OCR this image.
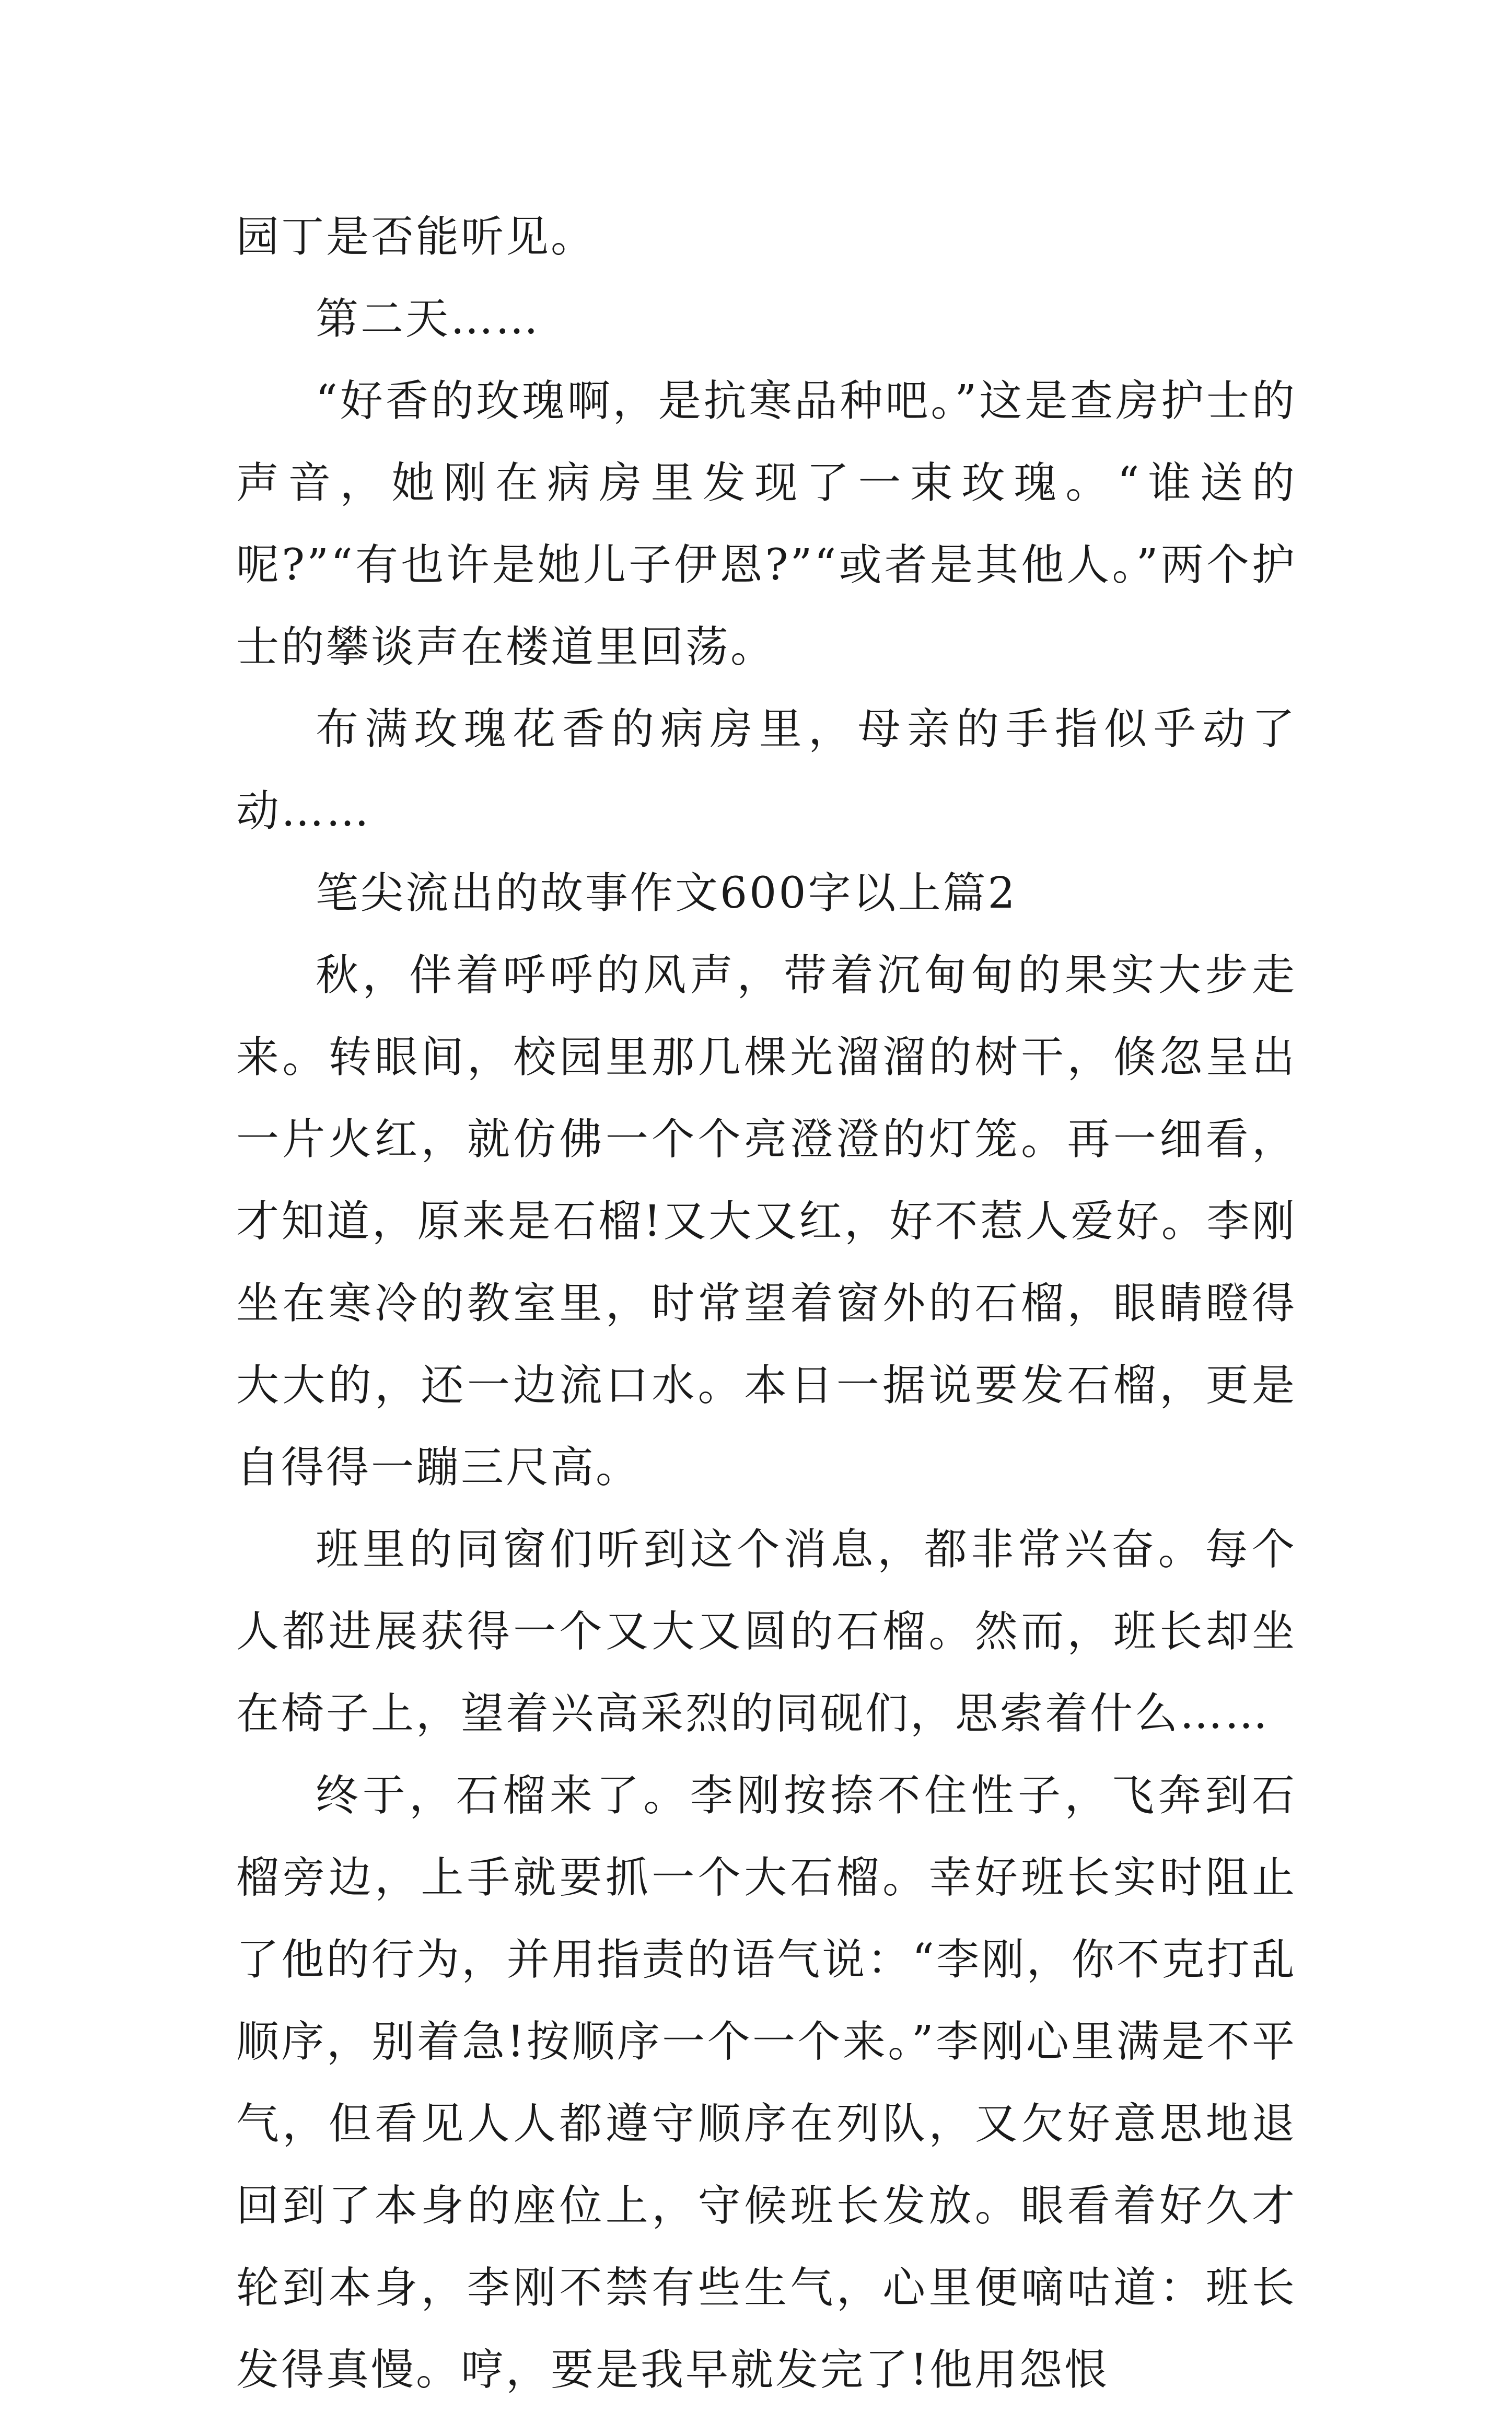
园丁是否能听见。

第二天……

“好香的玫瑰啊，是抗寒品种吧。”这是查房护士的声音，她刚在病房里发现了一束玫瑰。“谁送的呢?”“有也许是她儿子伊恩?”“或者是其他人。”两个护士的攀谈声在楼道里回荡。

布满玫瑰花香的病房里，母亲的手指似乎动了动……

笔尖流出的故事作文600字以上篇2

秋，伴着呼呼的风声，带着沉甸甸的果实大步走来。转眼间，校园里那几棵光溜溜的树干，倏忽呈出一片火红，就仿佛一个个亮澄澄的灯笼。再一细看，才知道，原来是石榴!又大又红，好不惹人爱好。李刚坐在寒冷的教室里，时常望着窗外的石榴，眼睛瞪得大大的，还一边流口水。本日一据说要发石榴，更是自得得一蹦三尺高。

班里的同窗们听到这个消息，都非常兴奋。每个人都进展获得一个又大又圆的石榴。然而，班长却坐在椅子上，望着兴高采烈的同砚们，思索着什么……

终于，石榴来了。李刚按捺不住性子，飞奔到石榴旁边，上手就要抓一个大石榴。幸好班长实时阻止了他的行为，并用指责的语气说：“李刚，你不克打乱顺序，别着急!按顺序一个一个来。”李刚心里满是不平气，但看见人人都遵守顺序在列队，又欠好意思地退回到了本身的座位上，守候班长发放。眼看着好久才轮到本身，李刚不禁有些生气，心里便嘀咕道：班长发得真慢。哼，要是我早就发完了!他用怨恨
